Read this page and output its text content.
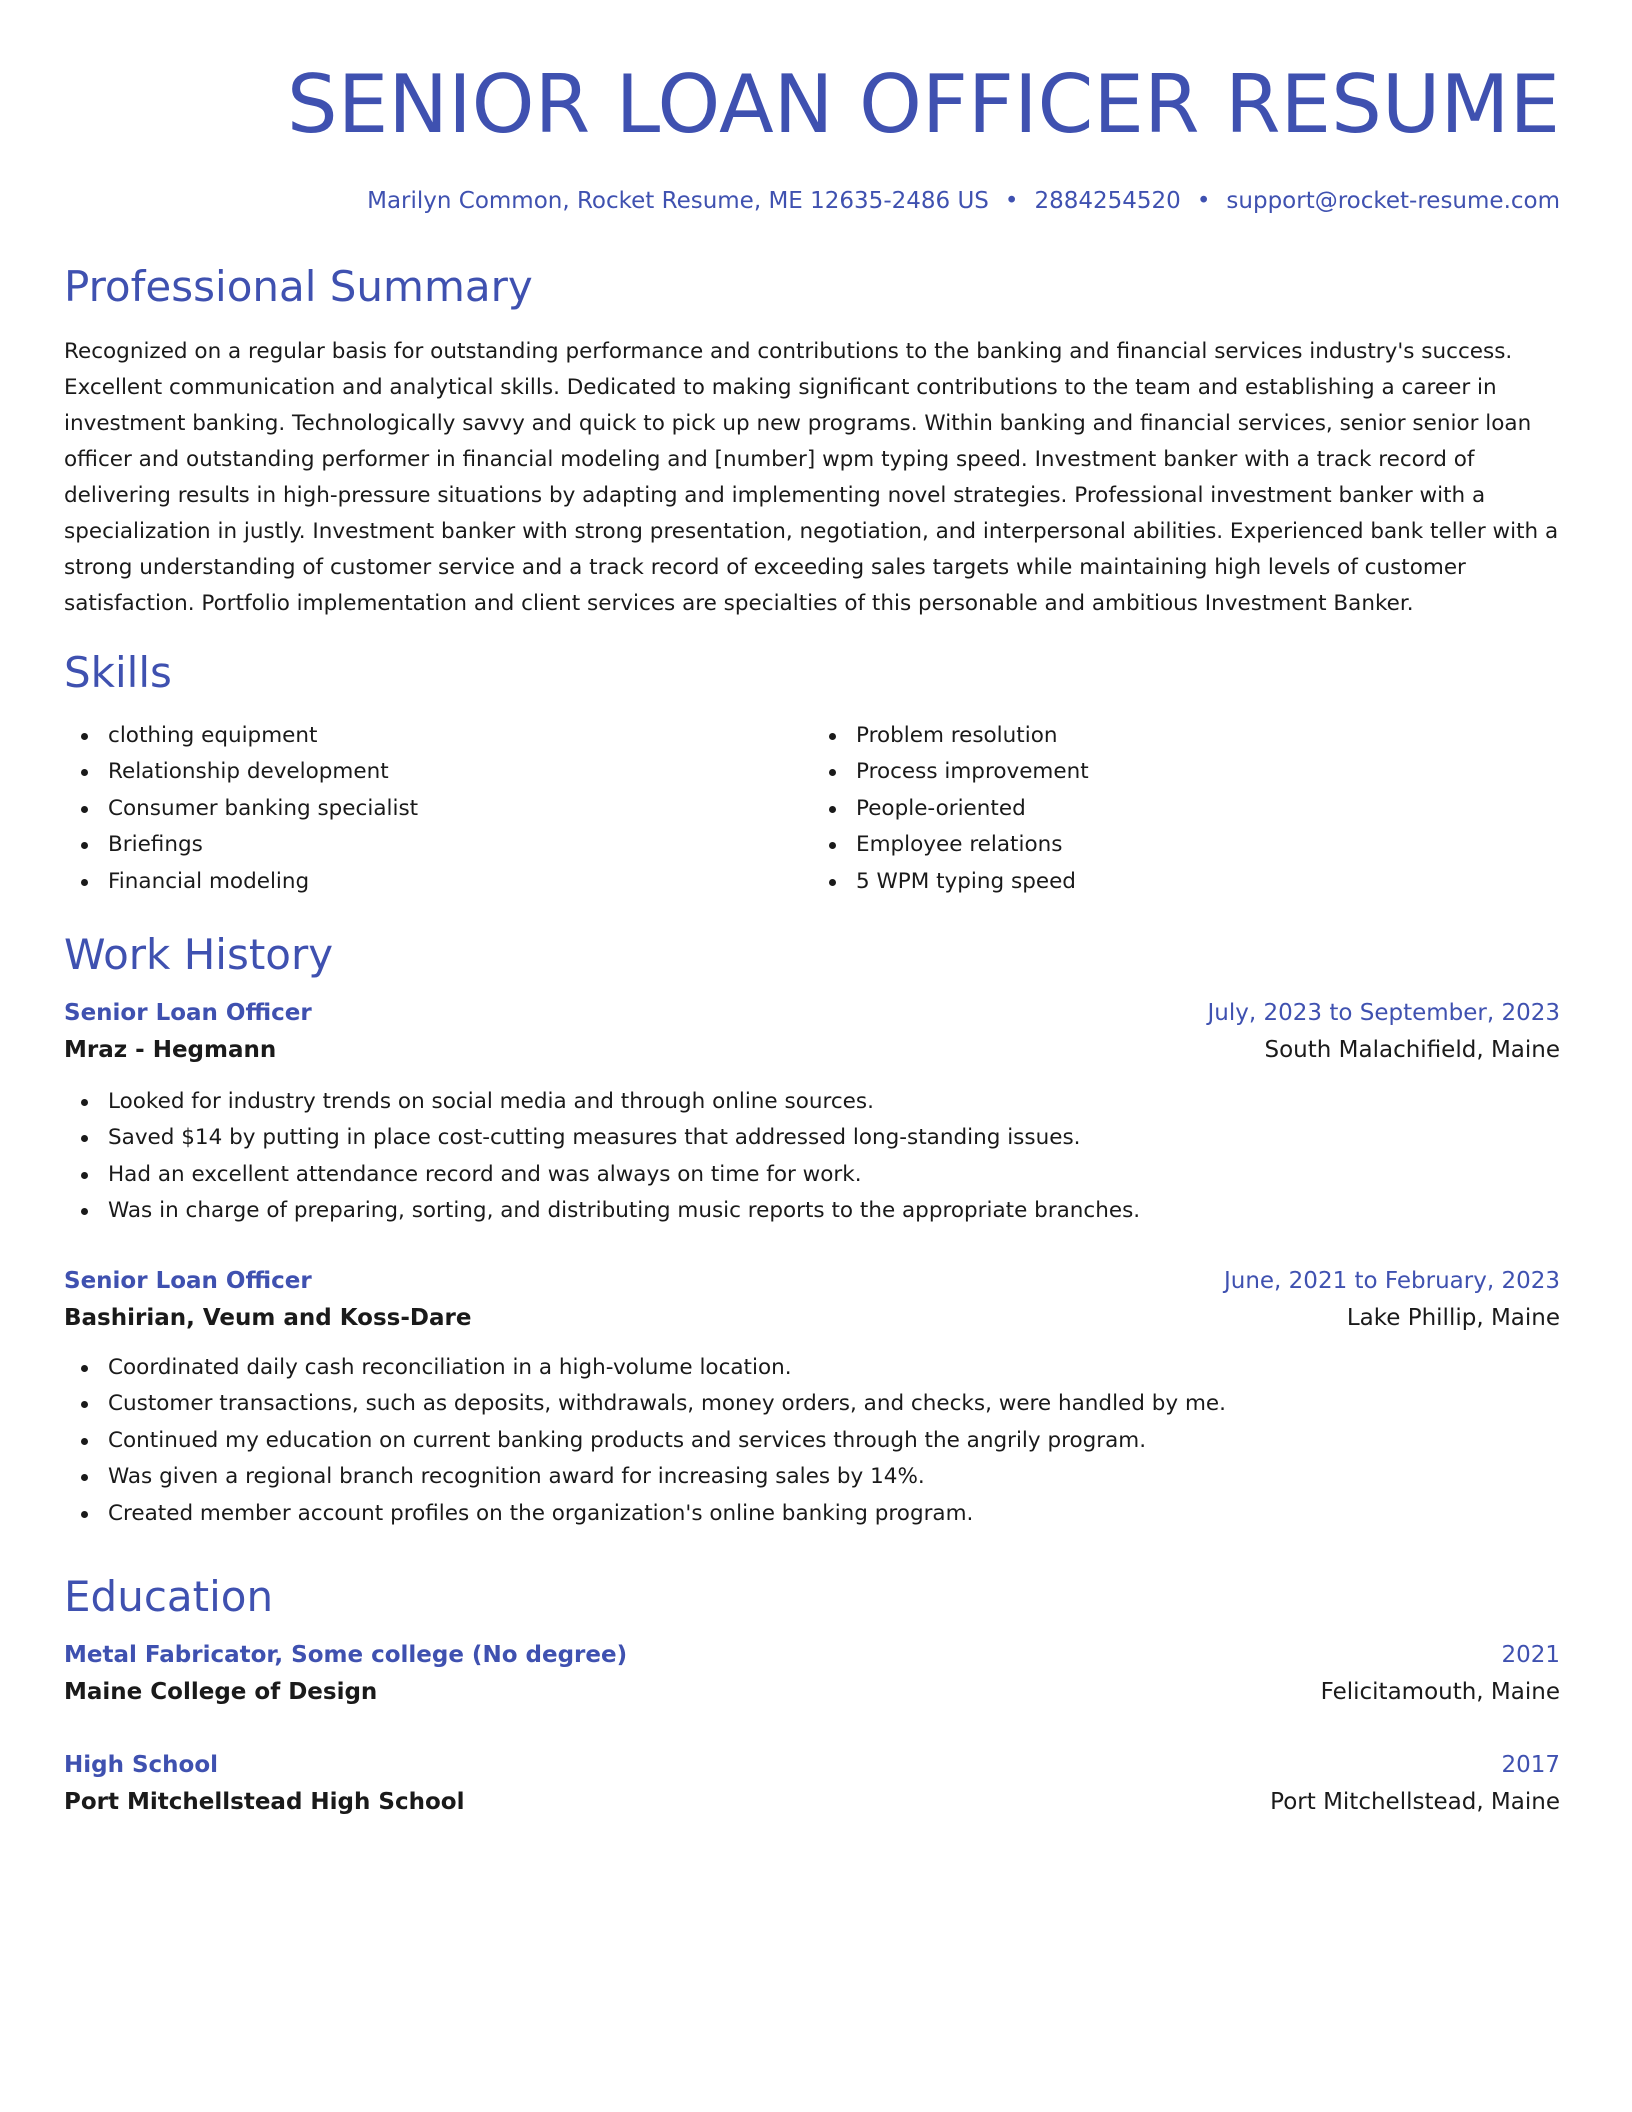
SENIOR LOAN OFFICER RESUME
Marilyn Common, Rocket Resume, ME 12635-2486 US • 2884254520 • support@rocket-resume.com
Professional Summary
Recognized on a regular basis for outstanding performance and contributions to the banking and financial services industry's success. Excellent communication and analytical skills. Dedicated to making significant contributions to the team and establishing a career in investment banking. Technologically savvy and quick to pick up new programs. Within banking and financial services, senior senior loan officer and outstanding performer in financial modeling and [number] wpm typing speed. Investment banker with a track record of delivering results in high-pressure situations by adapting and implementing novel strategies. Professional investment banker with a specialization in justly. Investment banker with strong presentation, negotiation, and interpersonal abilities. Experienced bank teller with a strong understanding of customer service and a track record of exceeding sales targets while maintaining high levels of customer satisfaction. Portfolio implementation and client services are specialties of this personable and ambitious Investment Banker.
Skills
clothing equipment
Relationship development
Consumer banking specialist
Briefings
Financial modeling
Problem resolution
Process improvement
People-oriented
Employee relations
5 WPM typing speed
Work History
Senior Loan Officer	July, 2023 to September, 2023
Mraz - Hegmann	South Malachifield, Maine
Looked for industry trends on social media and through online sources.
Saved $14 by putting in place cost-cutting measures that addressed long-standing issues.
Had an excellent attendance record and was always on time for work.
Was in charge of preparing, sorting, and distributing music reports to the appropriate branches.
Senior Loan Officer	June, 2021 to February, 2023
Bashirian, Veum and Koss-Dare	Lake Phillip, Maine
Coordinated daily cash reconciliation in a high-volume location.
Customer transactions, such as deposits, withdrawals, money orders, and checks, were handled by me.
Continued my education on current banking products and services through the angrily program.
Was given a regional branch recognition award for increasing sales by 14%.
Created member account profiles on the organization's online banking program.
Education
Metal Fabricator, Some college (No degree)	2021
Maine College of Design	Felicitamouth, Maine
High School	2017
Port Mitchellstead High School	Port Mitchellstead, Maine
